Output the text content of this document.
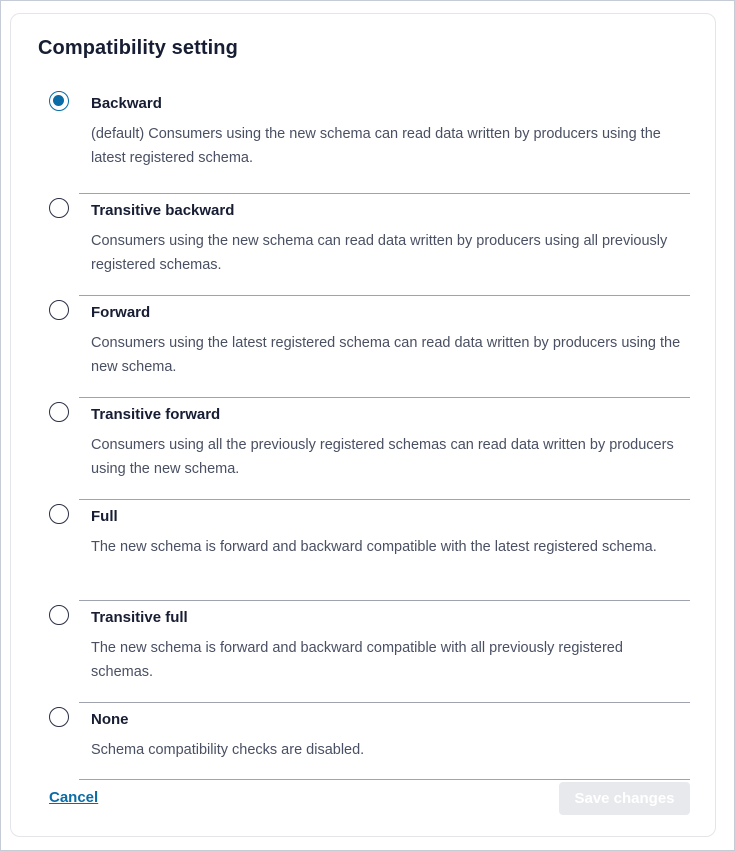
Compatibility setting
Backward
(default) Consumers using the new schema can read data written by producers using the latest registered schema.
Transitive backward
Consumers using the new schema can read data written by producers using all previously registered schemas.
Forward
Consumers using the latest registered schema can read data written by producers using the new schema.
Transitive forward
Consumers using all the previously registered schemas can read data written by producers using the new schema.
Full
The new schema is forward and backward compatible with the latest registered schema.
Transitive full
The new schema is forward and backward compatible with all previously registered schemas.
None
Schema compatibility checks are disabled.
Cancel	Save changes
